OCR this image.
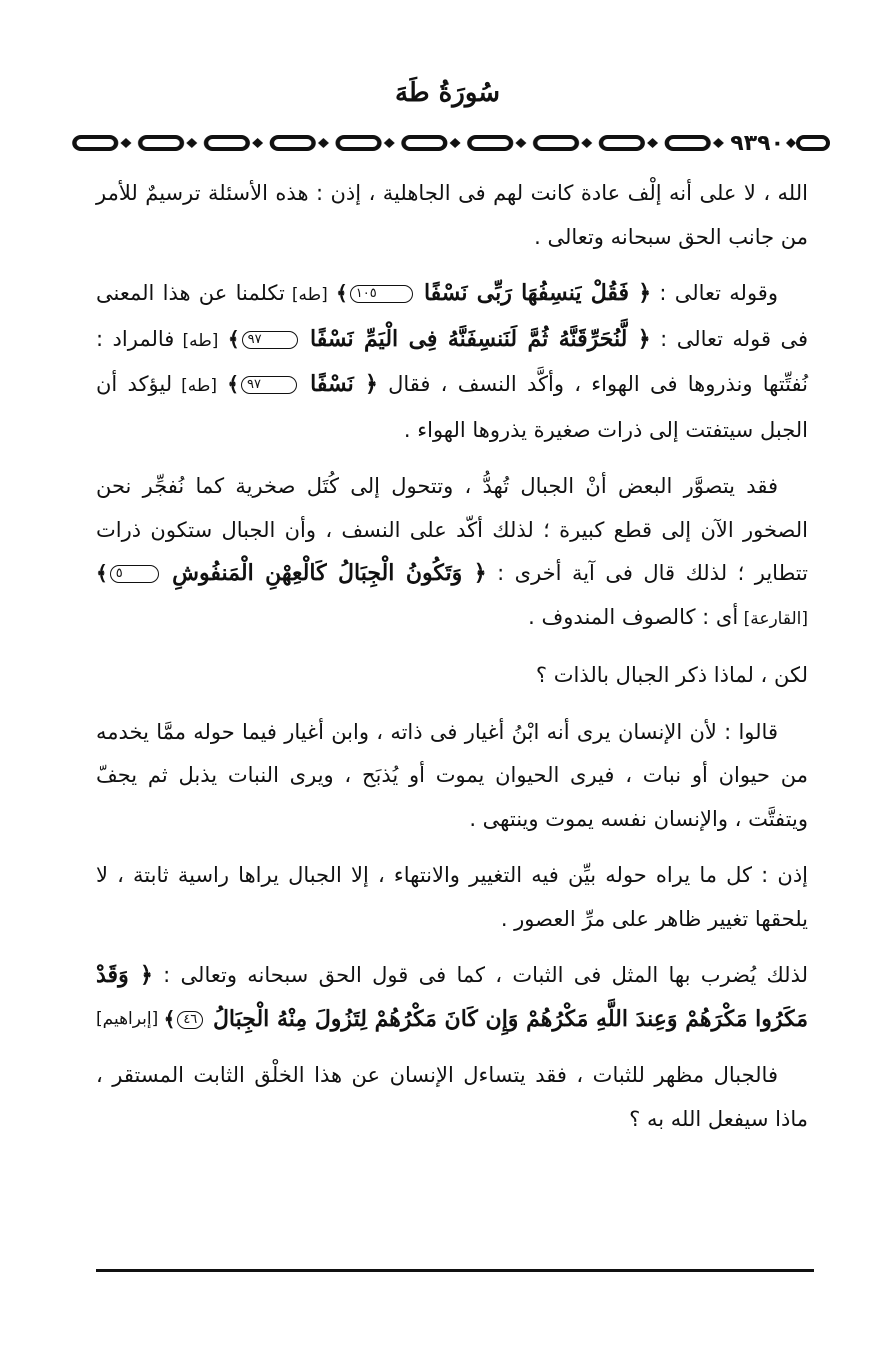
سُورَةُ طَهَ
٩٣٩٠

الله ، لا على أنه إلْف عادة كانت لهم فى الجاهلية ، إذن : هذه الأسئلة ترسيمٌ للأمر من جانب الحق سبحانه وتعالى .

وقوله تعالى : ﴿ فَقُلْ يَنسِفُهَا رَبِّى نَسْفًا ١٠٥﴾ [طه] تكلمنا عن هذا المعنى فى قوله تعالى : ﴿ لَّنُحَرِّقَنَّهُ ثُمَّ لَنَنسِفَنَّهُ فِى الْيَمِّ نَسْفًا ٩٧﴾ [طه] فالمراد : نُفتِّتها ونذروها فى الهواء ، وأكَّد النسف ، فقال ﴿ نَسْفًا ٩٧﴾ [طه] ليؤكد أن الجبل سيتفتت إلى ذرات صغيرة يذروها الهواء .

فقد يتصوَّر البعض أنْ الجبال تُهدُّ ، وتتحول إلى كُتَل صخرية كما نُفجِّر نحن الصخور الآن إلى قطع كبيرة ؛ لذلك أكّد على النسف ، وأن الجبال ستكون ذرات تتطاير ؛ لذلك قال فى آية أخرى : ﴿ وَتَكُونُ الْجِبَالُ كَالْعِهْنِ الْمَنفُوشِ ٥﴾ [القارعة] أى : كالصوف المندوف .

لكن ، لماذا ذكر الجبال بالذات ؟

قالوا : لأن الإنسان يرى أنه ابْنُ أغيار فى ذاته ، وابن أغيار فيما حوله ممَّا يخدمه من حيوان أو نبات ، فيرى الحيوان يموت أو يُذبَح ، ويرى النبات يذبل ثم يجفّ ويتفتَّت ، والإنسان نفسه يموت وينتهى .

إذن : كل ما يراه حوله بيِّن فيه التغيير والانتهاء ، إلا الجبال يراها راسية ثابتة ، لا يلحقها تغيير ظاهر على مرِّ العصور .

لذلك يُضرب بها المثل فى الثبات ، كما فى قول الحق سبحانه وتعالى : ﴿ وَقَدْ مَكَرُوا مَكْرَهُمْ وَعِندَ اللَّهِ مَكْرُهُمْ وَإِن كَانَ مَكْرُهُمْ لِتَزُولَ مِنْهُ الْجِبَالُ ٤٦﴾
[إبراهيم]

فالجبال مظهر للثبات ، فقد يتساءل الإنسان عن هذا الخلْق الثابت المستقر ، ماذا سيفعل الله به ؟
